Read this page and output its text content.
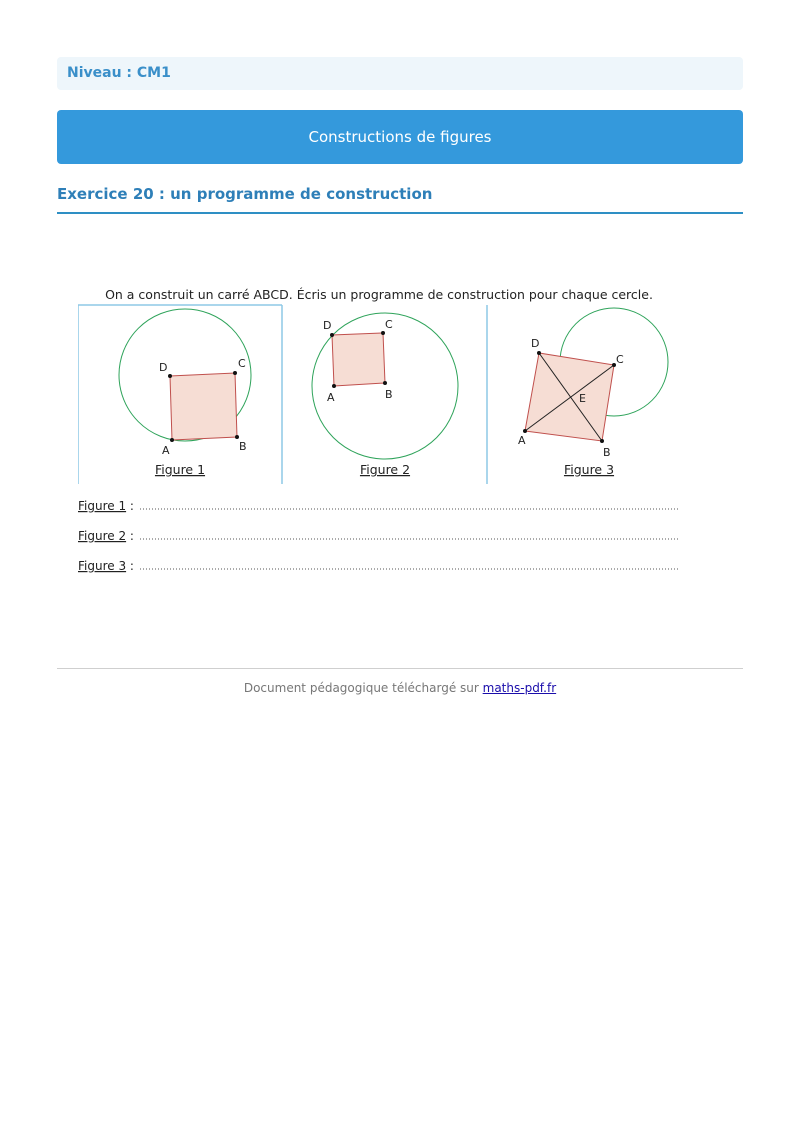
Niveau : CM1
Constructions de figures
Exercice 20 : un programme de construction
On a construit un carré ABCD. Écris un programme de construction pour chaque cercle.
A	B
C
D
Figure 1
A	B
C
D
Figure 2
A
B
C
D
E
Figure 3
Figure 1 :
Figure 2 :
Figure 3 :
Document pédagogique téléchargé sur maths-pdf.fr
